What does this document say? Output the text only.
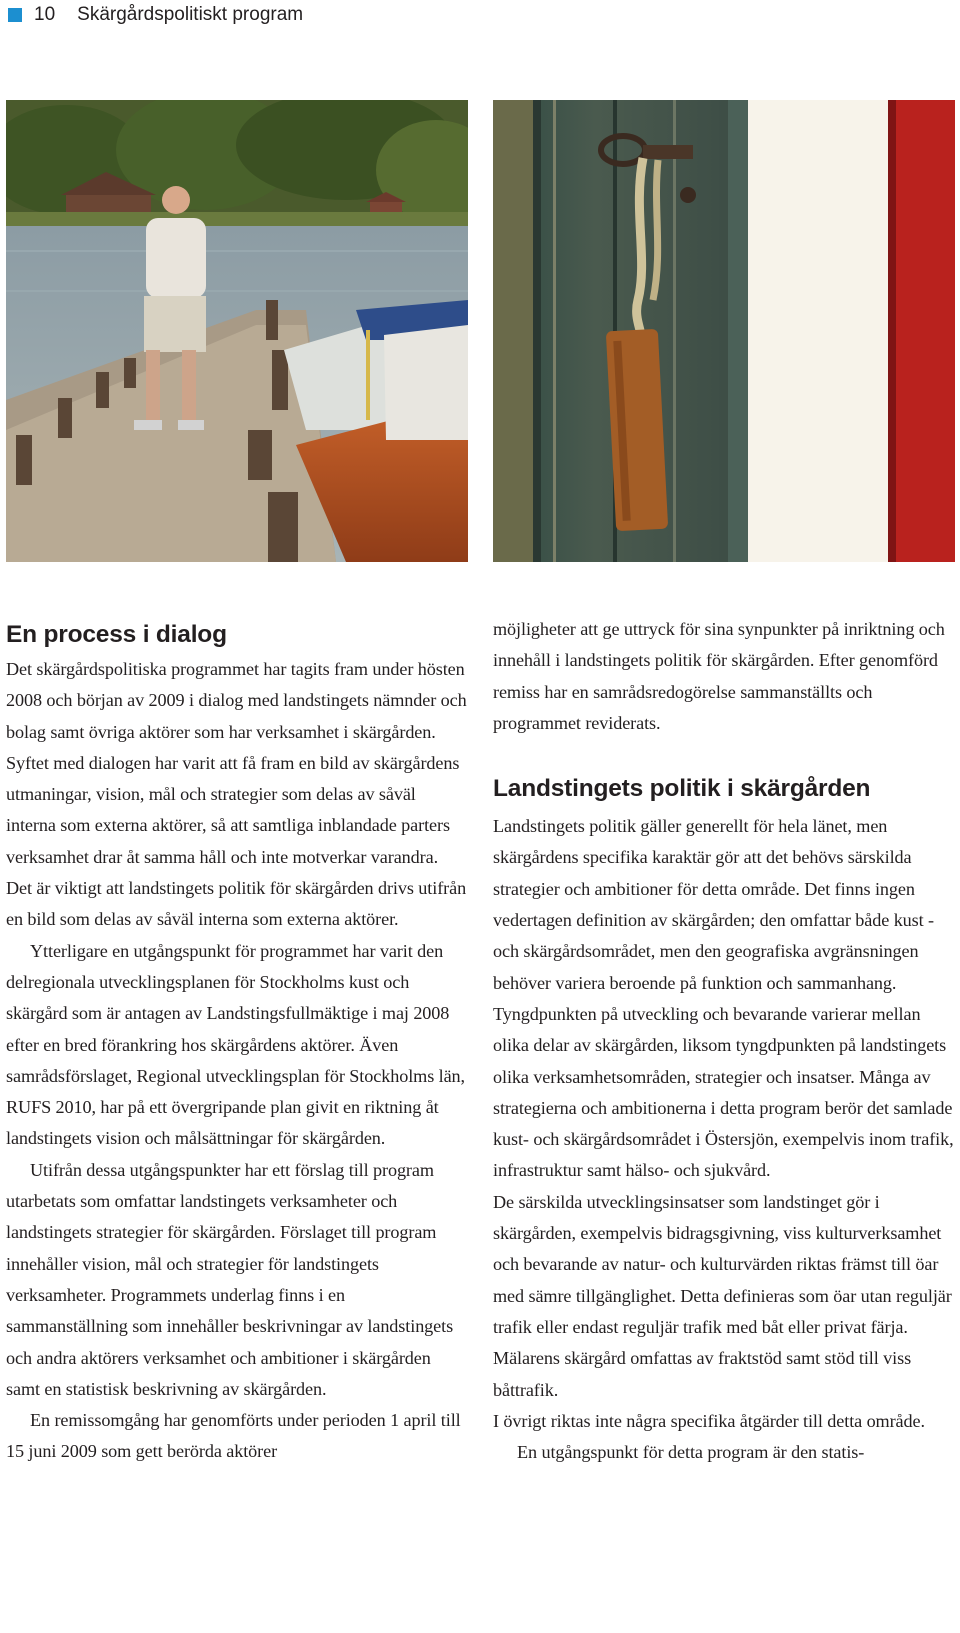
10 Skärgårdspolitiskt program
En process i dialog

Det skärgårdspolitiska programmet har tagits fram under hösten 2008 och början av 2009 i dialog med landstingets nämnder och bolag samt övriga aktörer som har verksamhet i skärgården. Syftet med dialogen har varit att få fram en bild av skärgårdens utmaningar, vision, mål och strategier som delas av såväl interna som externa aktörer, så att samtliga inblandade parters verksamhet drar åt samma håll och inte motverkar varandra. Det är viktigt att landstingets politik för skärgården drivs utifrån en bild som delas av såväl interna som externa aktörer.

Ytterligare en utgångspunkt för programmet har varit den delregionala utvecklingsplanen för Stockholms kust och skärgård som är antagen av Landstingsfullmäktige i maj 2008 efter en bred förankring hos skärgårdens aktörer. Även samrådsförslaget, Regional utvecklingsplan för Stockholms län, RUFS 2010, har på ett övergripande plan givit en riktning åt landstingets vision och målsättningar för skärgården.

Utifrån dessa utgångspunkter har ett förslag till program utarbetats som omfattar landstingets verksamheter och landstingets strategier för skärgården. Förslaget till program innehåller vision, mål och strategier för landstingets verksamheter. Programmets underlag finns i en sammanställning som innehåller beskrivningar av landstingets och andra aktörers verksamhet och ambitioner i skärgården samt en statistisk beskrivning av skärgården.

En remissomgång har genomförts under perioden 1 april till 15 juni 2009 som gett berörda aktörer

möjligheter att ge uttryck för sina synpunkter på inriktning och innehåll i landstingets politik för skärgården. Efter genomförd remiss har en samrådsredogörelse sammanställts och programmet reviderats.

Landstingets politik i skärgården

Landstingets politik gäller generellt för hela länet, men skärgårdens specifika karaktär gör att det behövs särskilda strategier och ambitioner för detta område. Det finns ingen vedertagen definition av skärgården; den omfattar både kust - och skärgårdsområdet, men den geografiska avgränsningen behöver variera beroende på funktion och sammanhang. Tyngdpunkten på utveckling och bevarande varierar mellan olika delar av skärgården, liksom tyngdpunkten på landstingets olika verksamhetsområden, strategier och insatser. Många av strategierna och ambitionerna i detta program berör det samlade kust- och skärgårdsområdet i Östersjön, exempelvis inom trafik, infrastruktur samt hälso- och sjukvård.

De särskilda utvecklingsinsatser som landstinget gör i skärgården, exempelvis bidragsgivning, viss kulturverksamhet och bevarande av natur- och kulturvärden riktas främst till öar med sämre tillgänglighet. Detta definieras som öar utan reguljär trafik eller endast reguljär trafik med båt eller privat färja. Mälarens skärgård omfattas av fraktstöd samt stöd till viss båttrafik.

I övrigt riktas inte några specifika åtgärder till detta område.

En utgångspunkt för detta program är den statis-
